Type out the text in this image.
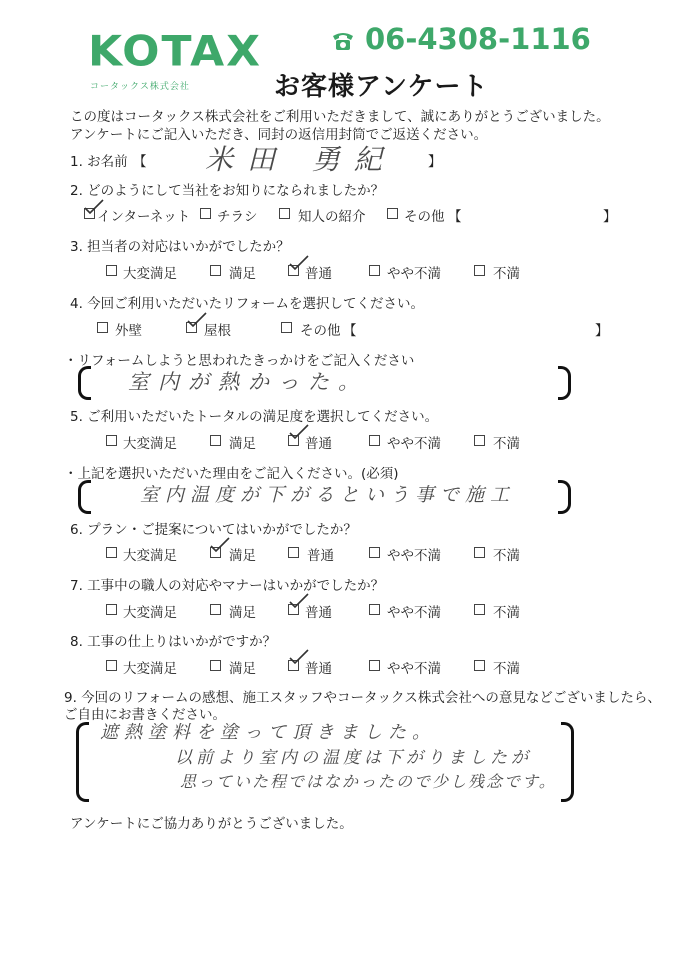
KOTAX
コータックス株式会社
06-4308-1116
お客様アンケート
この度はコータックス株式会社をご利用いただきまして、誠にありがとうございました。
アンケートにご記入いただき、同封の返信用封筒でご返送ください。
1. お名前 【 米田 勇紀 】
2. どのようにして当社をお知りになられましたか？
インターネット チラシ	知人の紹介	その他 【	】
3. 担当者の対応はいかがでしたか？
大変満足	満足	普通	やや不満	不満
4. 今回ご利用いただいたリフォームを選択してください。
外壁	屋根	その他 【	】
・リフォームしようと思われたきっかけをご記入ください
室内が熱かった。
5. ご利用いただいたトータルの満足度を選択してください。
大変満足	満足	普通	やや不満	不満
・上記を選択いただいた理由をご記入ください。(必須)
室内温度が下がるという事で施工
6. プラン・ご提案についてはいかがでしたか？
大変満足	満足	普通	やや不満	不満
7. 工事中の職人の対応やマナーはいかがでしたか？
大変満足	満足	普通	やや不満	不満
8. 工事の仕上りはいかがですか？
大変満足	満足	普通	やや不満	不満
9. 今回のリフォームの感想、施工スタッフやコータックス株式会社への意見などございましたら、
ご自由にお書きください。
遮熱塗料を塗って頂きました。
以前より室内の温度は下がりましたが
思っていた程ではなかったので少し残念です。
アンケートにご協力ありがとうございました。
